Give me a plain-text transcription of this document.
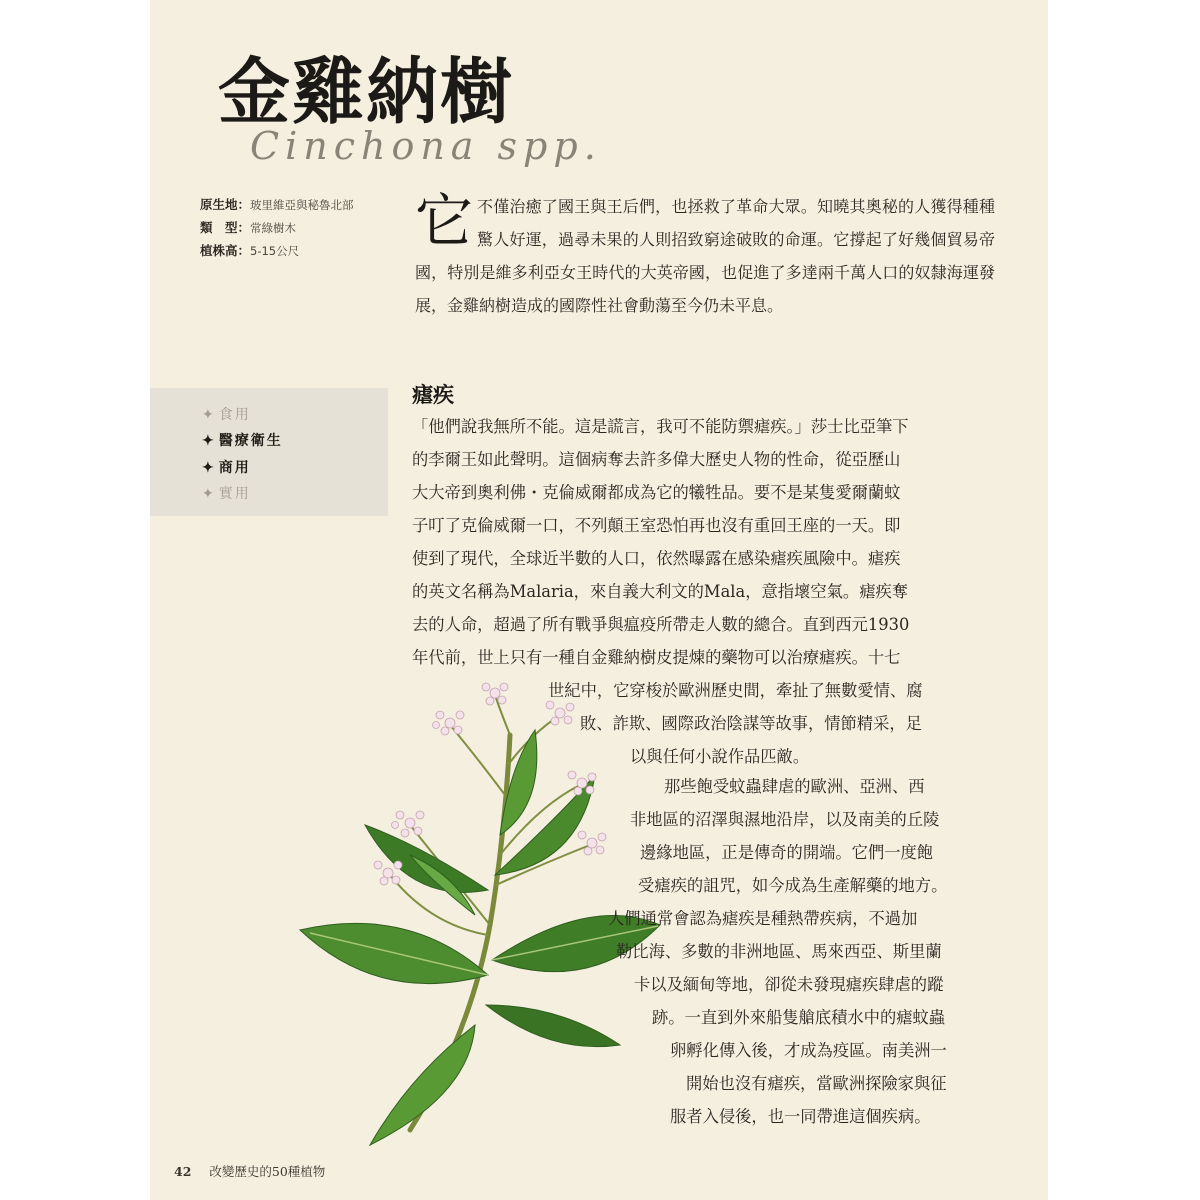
金雞納樹
Cinchona spp.
原生地：玻里維亞與秘魯北部
類　型：常綠樹木
植株高：5-15公尺	它不僅治癒了國王與王后們，也拯救了革命大眾。知曉其奧秘的人獲得種種驚人好運，過尋未果的人則招致窮途破敗的命運。它撐起了好幾個貿易帝國，特別是維多利亞女王時代的大英帝國，也促進了多達兩千萬人口的奴隸海運發展，金雞納樹造成的國際性社會動蕩至今仍未平息。
✦ 食用
✦ 醫療衛生
✦ 商用
✦ 實用
瘧疾
「他們說我無所不能。這是謊言，我可不能防禦瘧疾。」莎士比亞筆下
的李爾王如此聲明。這個病奪去許多偉大歷史人物的性命，從亞歷山
大大帝到奧利佛・克倫威爾都成為它的犧牲品。要不是某隻愛爾蘭蚊
子叮了克倫威爾一口，不列顛王室恐怕再也沒有重回王座的一天。即
使到了現代，全球近半數的人口，依然曝露在感染瘧疾風險中。瘧疾
的英文名稱為Malaria，來自義大利文的Mala，意指壞空氣。瘧疾奪
去的人命，超過了所有戰爭與瘟疫所帶走人數的總合。直到西元1930
年代前，世上只有一種自金雞納樹皮提煉的藥物可以治療瘧疾。十七
世紀中，它穿梭於歐洲歷史間，牽扯了無數愛情、腐
敗、詐欺、國際政治陰謀等故事，情節精采，足
以與任何小說作品匹敵。
那些飽受蚊蟲肆虐的歐洲、亞洲、西
非地區的沼澤與濕地沿岸，以及南美的丘陵
邊緣地區，正是傳奇的開端。它們一度飽
受瘧疾的詛咒，如今成為生產解藥的地方。
人們通常會認為瘧疾是種熱帶疾病，不過加
勒比海、多數的非洲地區、馬來西亞、斯里蘭
卡以及緬甸等地，卻從未發現瘧疾肆虐的蹤
跡。一直到外來船隻艙底積水中的瘧蚊蟲
卵孵化傳入後，才成為疫區。南美洲一
開始也沒有瘧疾，當歐洲探險家與征
服者入侵後，也一同帶進這個疾病。
42 改變歷史的50種植物
